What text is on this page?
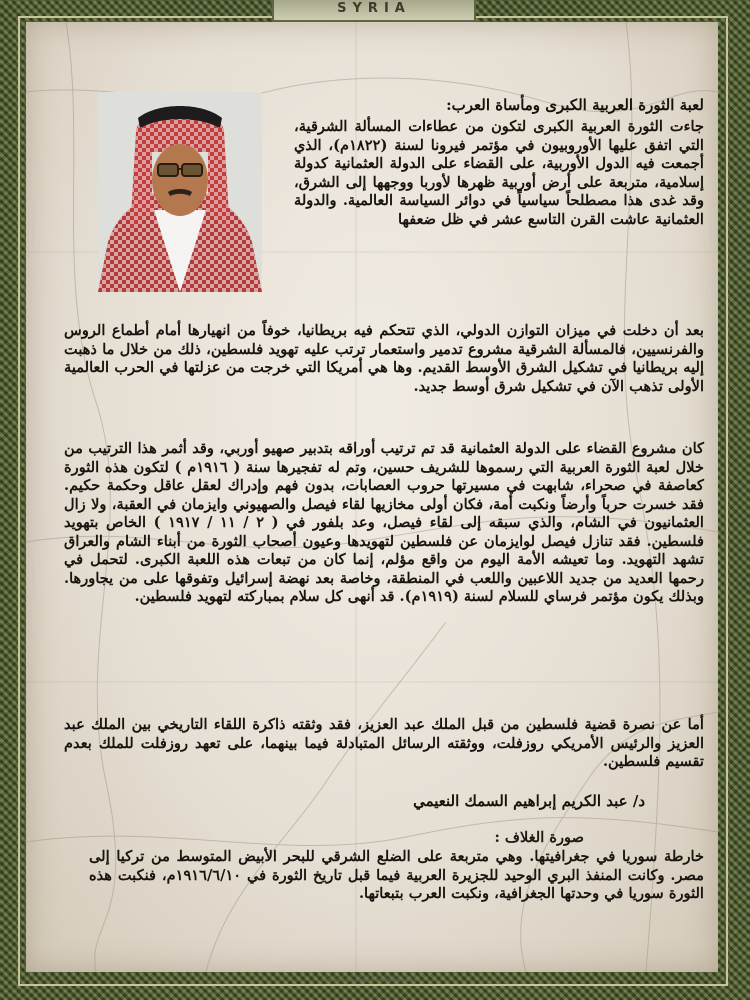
Longitude East from Greenwich
SYRIA
لعبة الثورة العربية الكبرى ومأساة العرب:

جاءت الثورة العربية الكبرى لتكون من عطاءات المسألة الشرقية، التي اتفق عليها الأوروبيون في مؤتمر فيرونا لسنة (١٨٢٢م)، الذي أجمعت فيه الدول الأوربية، على القضاء على الدولة العثمانية كدولة إسلامية، متربعة على أرض أوربية ظهرها لأوربا ووجهها إلى الشرق، وقد غدى هذا مصطلحاً سياسياً في دوائر السياسة العالمية. والدولة العثمانية عاشت القرن التاسع عشر في ظل ضعفها

بعد أن دخلت في ميزان التوازن الدولي، الذي تتحكم فيه بريطانيا، خوفاً من انهيارها أمام أطماع الروس والفرنسيين، فالمسألة الشرقية مشروع تدمير واستعمار ترتب عليه تهويد فلسطين، ذلك من خلال ما ذهبت إليه بريطانيا في تشكيل الشرق الأوسط القديم. وها هي أمريكا التي خرجت من عزلتها في الحرب العالمية الأولى تذهب الآن في تشكيل شرق أوسط جديد.

كان مشروع القضاء على الدولة العثمانية قد تم ترتيب أوراقه بتدبير صهيو أوربي، وقد أثمر هذا الترتيب من خلال لعبة الثورة العربية التي رسموها للشريف حسين، وتم له تفجيرها سنة ( ١٩١٦م ) لتكون هذه الثورة كعاصفة في صحراء، شابهت في مسيرتها حروب العصابات، بدون فهم وإدراك لعقل عاقل وحكمة حكيم. فقد خسرت حرباً وأرضاً ونكبت أمة، فكان أولى مخازيها لقاء فيصل والصهيوني وايزمان في العقبة، ولا زال العثمانيون في الشام، والذي سبقه إلى لقاء فيصل، وعد بلفور في ( ٢ / ١١ / ١٩١٧ ) الخاص بتهويد فلسطين. فقد تنازل فيصل لوايزمان عن فلسطين لتهويدها وعيون أصحاب الثورة من أبناء الشام والعراق تشهد التهويد. وما تعيشه الأمة اليوم من واقع مؤلم، إنما كان من تبعات هذه اللعبة الكبرى. لتحمل في رحمها العديد من جديد اللاعبين واللعب في المنطقة، وخاصة بعد نهضة إسرائيل وتفوقها على من يجاورها. وبذلك يكون مؤتمر فرساي للسلام لسنة (١٩١٩م). قد أنهى كل سلام بمباركته لتهويد فلسطين.

أما عن نصرة قضية فلسطين من قبل الملك عبد العزيز، فقد وثقته ذاكرة اللقاء التاريخي بين الملك عبد العزيز والرئيس الأمريكي روزفلت، ووثقته الرسائل المتبادلة فيما بينهما، على تعهد روزفلت للملك بعدم تقسيم فلسطين.

د/ عبد الكريم إبراهيم السمك النعيمي
صورة الغلاف :

خارطة سوريا في جغرافيتها. وهي متربعة على الضلع الشرقي للبحر الأبيض المتوسط من تركيا إلى مصر. وكانت المنفذ البري الوحيد للجزيرة العربية فيما قبل تاريخ الثورة في ١٩١٦/٦/١٠م، فنكبت هذه الثورة سوريا في وحدتها الجغرافية، ونكبت العرب بتبعاتها.
